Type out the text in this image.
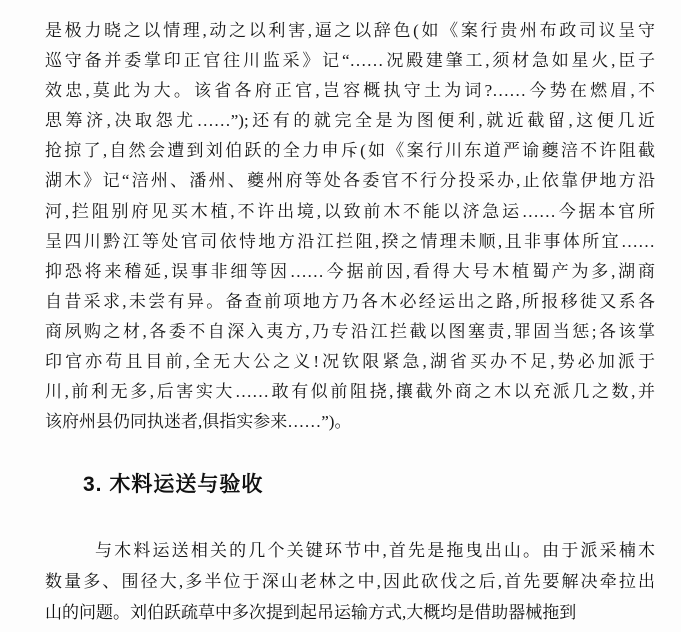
是极力晓之以情理,动之以利害,逼之以辞色(如《案行贵州布政司议呈守
巡守备并委掌印正官往川监采》记“……况殿建肇工,须材急如星火,臣子
效忠,莫此为大。该省各府正官,岂容概执守土为词?……今势在燃眉,不
思筹济,决取怨尤……”);还有的就完全是为图便利,就近截留,这便几近
抢掠了,自然会遭到刘伯跃的全力申斥(如《案行川东道严谕夔涪不许阻截
湖木》记“涪州、潘州、夔州府等处各委官不行分投采办,止依靠伊地方沿
河,拦阻别府见买木植,不许出境,以致前木不能以济急运……今据本官所
呈四川黔江等处官司依恃地方沿江拦阻,揆之情理未顺,且非事体所宜……
抑恐将来稽延,误事非细等因……今据前因,看得大号木植蜀产为多,湖商
自昔采求,未尝有异。备查前项地方乃各木必经运出之路,所报移徙又系各
商夙购之材,各委不自深入夷方,乃专沿江拦截以图塞责,罪固当惩;各该掌
印官亦苟且目前,全无大公之义!况钦限紧急,湖省买办不足,势必加派于
川,前利无多,后害实大……敢有似前阻挠,攘截外商之木以充派几之数,并
该府州县仍同执迷者,俱指实参来……”)。
3. 木料运送与验收
与木料运送相关的几个关键环节中,首先是拖曳出山。由于派采楠木
数量多、围径大,多半位于深山老林之中,因此砍伐之后,首先要解决牵拉出
山的问题。刘伯跃疏草中多次提到起吊运输方式,大概均是借助器械拖到
